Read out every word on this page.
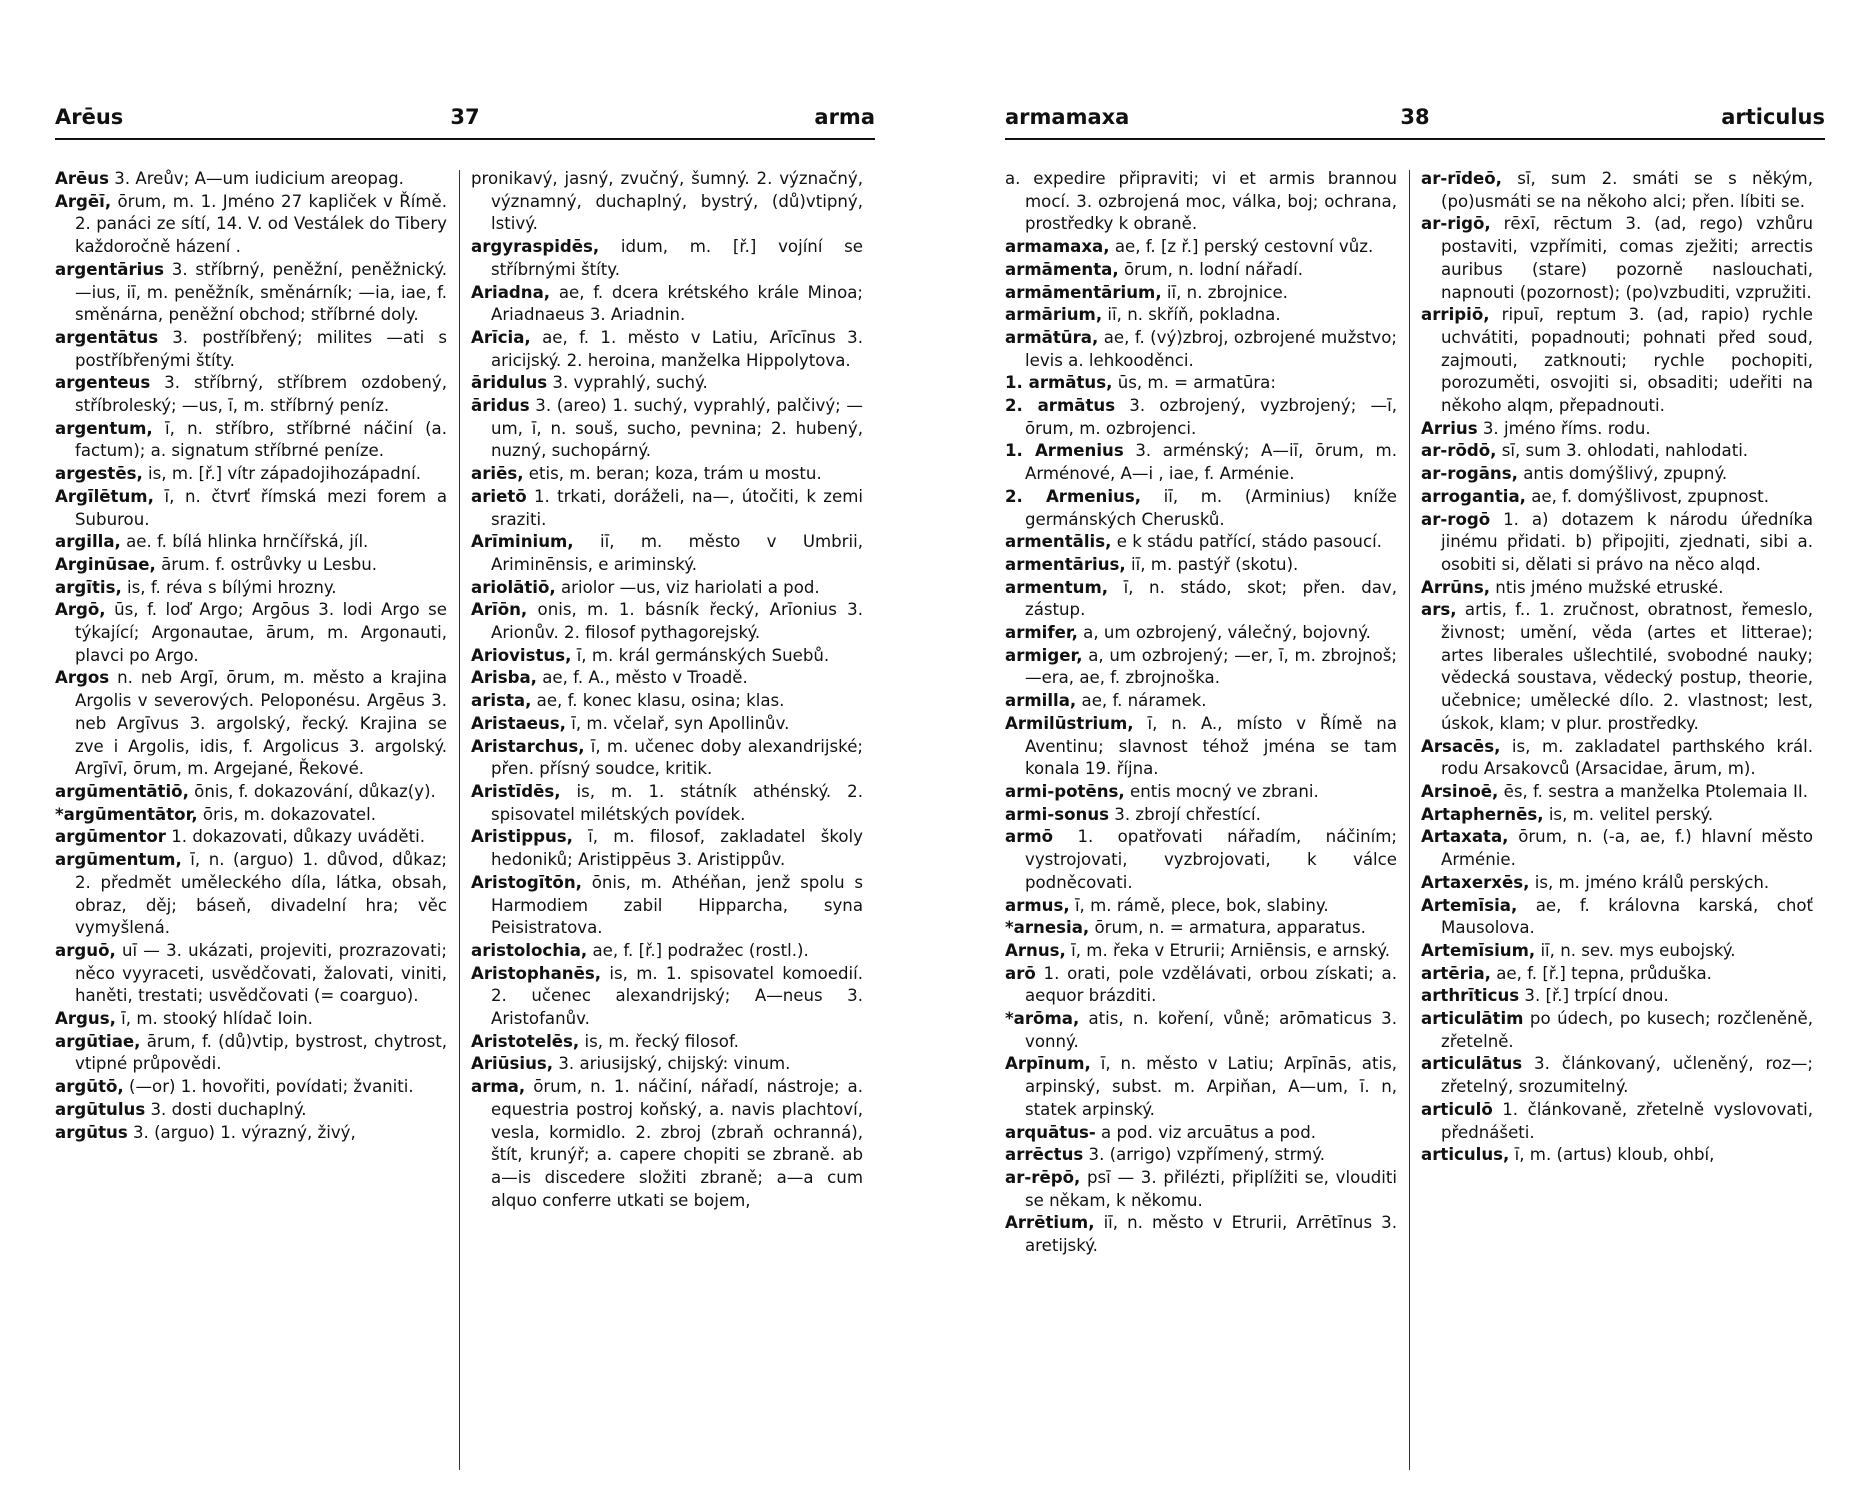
Arēus	37	arma

Arēus 3. Areův; A—um iudicium areopag.

Argēī, ōrum, m. 1. Jméno 27 kapliček v Římě. 2. panáci ze sítí, 14. V. od Vestálek do Tibery každoročně házení .

argentārius 3. stříbrný, peněžní, peněžnický. —ius, iī, m. peněžník, směnárník; —ia, iae, f. směnárna, peněžní obchod; stříbrné doly.

argentātus 3. postříbřený; milites —ati s postříbřenými štíty.

argenteus 3. stříbrný, stříbrem ozdobený, stříbroleský; —us, ī, m. stříbrný peníz.

argentum, ī, n. stříbro, stříbrné náčiní (a. factum); a. signatum stříbrné peníze.

argestēs, is, m. [ř.] vítr západojihozápadní.

Argīlētum, ī, n. čtvrť římská mezi forem a Suburou.

argilla, ae. f. bílá hlinka hrnčířská, jíl.

Arginūsae, ārum. f. ostrůvky u Lesbu.

argītis, is, f. réva s bílými hrozny.

Argō, ūs, f. loď Argo; Argōus 3. lodi Argo se týkající; Argonautae, ārum, m. Argonauti, plavci po Argo.

Argos n. neb Argī, ōrum, m. město a krajina Argolis v severových. Peloponésu. Argēus 3. neb Argīvus 3. argolský, řecký. Krajina se zve i Argolis, idis, f. Argolicus 3. argolský. Argīvī, ōrum, m. Argejané, Řekové.

argūmentātiō, ōnis, f. dokazování, důkaz(y).

*argūmentātor, ōris, m. dokazovatel.

argūmentor 1. dokazovati, důkazy uváděti.

argūmentum, ī, n. (arguo) 1. důvod, důkaz; 2. předmět uměleckého díla, látka, obsah, obraz, děj; báseň, divadelní hra; věc vymyšlená.

arguō, uī — 3. ukázati, projeviti, prozrazovati; něco vyyraceti, usvědčovati, žalovati, viniti, haněti, trestati; usvědčovati (= coarguo).

Argus, ī, m. stooký hlídač Ioin.

argūtiae, ārum, f. (dů)vtip, bystrost, chytrost, vtipné průpovědi.

argūtō, (—or) 1. hovořiti, povídati; žvaniti.

argūtulus 3. dosti duchaplný.

argūtus 3. (arguo) 1. výrazný, živý,

pronikavý, jasný, zvučný, šumný. 2. význačný, významný, duchaplný, bystrý, (dů)vtipný, lstivý.

argyraspidēs, idum, m. [ř.] vojíní se stříbrnými štíty.

Ariadna, ae, f. dcera krétského krále Minoa; Ariadnaeus 3. Ariadnin.

Arīcia, ae, f. 1. město v Latiu, Arīcīnus 3. aricijský. 2. heroina, manželka Hippolytova.

āridulus 3. vyprahlý, suchý.

āridus 3. (areo) 1. suchý, vyprahlý, palčivý; —um, ī, n. souš, sucho, pevnina; 2. hubený, nuzný, suchopárný.

ariēs, etis, m. beran; koza, trám u mostu.

arietō 1. trkati, doráželi, na—, útočiti, k zemi sraziti.

Arīminium, iī, m. město v Umbrii, Ariminēnsis, e ariminský.

ariolātiō, ariolor —us, viz hariolati a pod.

Arīōn, onis, m. 1. básník řecký, Arīonius 3. Arionův. 2. filosof pythagorejský.

Ariovistus, ī, m. král germánských Suebů.

Arisba, ae, f. A., město v Troadě.

arista, ae, f. konec klasu, osina; klas.

Aristaeus, ī, m. včelař, syn Apollinův.

Aristarchus, ī, m. učenec doby alexandrijské; přen. přísný soudce, kritik.

Aristīdēs, is, m. 1. státník athénský. 2. spisovatel milétských povídek.

Aristippus, ī, m. filosof, zakladatel školy hedoniků; Aristippēus 3. Aristippův.

Aristogītōn, ōnis, m. Athéňan, jenž spolu s Harmodiem zabil Hipparcha, syna Peisistratova.

aristolochia, ae, f. [ř.] podražec (rostl.).

Aristophanēs, is, m. 1. spisovatel komoedií. 2. učenec alexandrijský; A—neus 3. Aristofanův.

Aristotelēs, is, m. řecký filosof.

Ariūsius, 3. ariusijský, chijský: vinum.

arma, ōrum, n. 1. náčiní, nářadí, nástroje; a. equestria postroj koňský, a. navis plachtoví, vesla, kormidlo. 2. zbroj (zbraň ochranná), štít, krunýř; a. capere chopiti se zbraně. ab a—is discedere složiti zbraně; a—a cum alquo conferre utkati se bojem,

armamaxa	38	articulus

a. expedire připraviti; vi et armis brannou mocí. 3. ozbrojená moc, válka, boj; ochrana, prostředky k obraně.

armamaxa, ae, f. [z ř.] perský cestovní vůz.

armāmenta, ōrum, n. lodní nářadí.

armāmentārium, iī, n. zbrojnice.

armārium, iī, n. skříň, pokladna.

armātūra, ae, f. (vý)zbroj, ozbrojené mužstvo; levis a. lehkooděnci.

1. armātus, ūs, m. = armatūra:

2. armātus 3. ozbrojený, vyzbrojený; —ī, ōrum, m. ozbrojenci.

1. Armenius 3. arménský; A—iī, ōrum, m. Arménové, A—i , iae, f. Arménie.

2. Armenius, iī, m. (Arminius) kníže germánských Cherusků.

armentālis, e k stádu patřící, stádo pasoucí.

armentārius, iī, m. pastýř (skotu).

armentum, ī, n. stádo, skot; přen. dav, zástup.

armifer, a, um ozbrojený, válečný, bojovný.

armiger, a, um ozbrojený; —er, ī, m. zbrojnoš; —era, ae, f. zbrojnoška.

armilla, ae, f. náramek.

Armilūstrium, ī, n. A., místo v Římě na Aventinu; slavnost téhož jména se tam konala 19. října.

armi-potēns, entis mocný ve zbrani.

armi-sonus 3. zbrojí chřestící.

armō 1. opatřovati nářadím, náčiním; vystrojovati, vyzbrojovati, k válce podněcovati.

armus, ī, m. rámě, plece, bok, slabiny.

*arnesia, ōrum, n. = armatura, apparatus.

Arnus, ī, m. řeka v Etrurii; Arniēnsis, e arnský.

arō 1. orati, pole vzdělávati, orbou získati; a. aequor brázditi.

*arōma, atis, n. koření, vůně; arōmaticus 3. vonný.

Arpīnum, ī, n. město v Latiu; Arpīnās, atis, arpinský, subst. m. Arpiňan, A—um, ī. n, statek arpinský.

arquātus- a pod. viz arcuātus a pod.

arrēctus 3. (arrigo) vzpřímený, strmý.

ar-rēpō, psī — 3. přilézti, připlížiti se, vlouditi se někam, k někomu.

Arrētium, iī, n. město v Etrurii, Arrētīnus 3. aretijský.

ar-rīdeō, sī, sum 2. smáti se s někým, (po)usmáti se na někoho alci; přen. líbiti se.

ar-rigō, rēxī, rēctum 3. (ad, rego) vzhůru postaviti, vzpřímiti, comas zježiti; arrectis auribus (stare) pozorně naslouchati, napnouti (pozornost); (po)vzbuditi, vzpružiti.

arripiō, ripuī, reptum 3. (ad, rapio) rychle uchvátiti, popadnouti; pohnati před soud, zajmouti, zatknouti; rychle pochopiti, porozuměti, osvojiti si, obsaditi; udeřiti na někoho alqm, přepadnouti.

Arrius 3. jméno říms. rodu.

ar-rōdō, sī, sum 3. ohlodati, nahlodati.

ar-rogāns, antis domýšlivý, zpupný.

arrogantia, ae, f. domýšlivost, zpupnost.

ar-rogō 1. a) dotazem k národu úředníka jinému přidati. b) připojiti, zjednati, sibi a. osobiti si, dělati si právo na něco alqd.

Arrūns, ntis jméno mužské etruské.

ars, artis, f.. 1. zručnost, obratnost, řemeslo, živnost; umění, věda (artes et litterae); artes liberales ušlechtilé, svobodné nauky; vědecká soustava, vědecký postup, theorie, učebnice; umělecké dílo. 2. vlastnost; lest, úskok, klam; v plur. prostředky.

Arsacēs, is, m. zakladatel parthského král. rodu Arsakovců (Arsacidae, ārum, m).

Arsinoē, ēs, f. sestra a manželka Ptolemaia II.

Artaphernēs, is, m. velitel perský.

Artaxata, ōrum, n. (-a, ae, f.) hlavní město Arménie.

Artaxerxēs, is, m. jméno králů perských.

Artemīsia, ae, f. královna karská, choť Mausolova.

Artemīsium, iī, n. sev. mys eubojský.

artēria, ae, f. [ř.] tepna, průduška.

arthrīticus 3. [ř.] trpící dnou.

articulātim po údech, po kusech; rozčleněně, zřetelně.

articulātus 3. článkovaný, učleněný, roz—; zřetelný, srozumitelný.

articulō 1. článkovaně, zřetelně vyslovovati, přednášeti.

articulus, ī, m. (artus) kloub, ohbí,
